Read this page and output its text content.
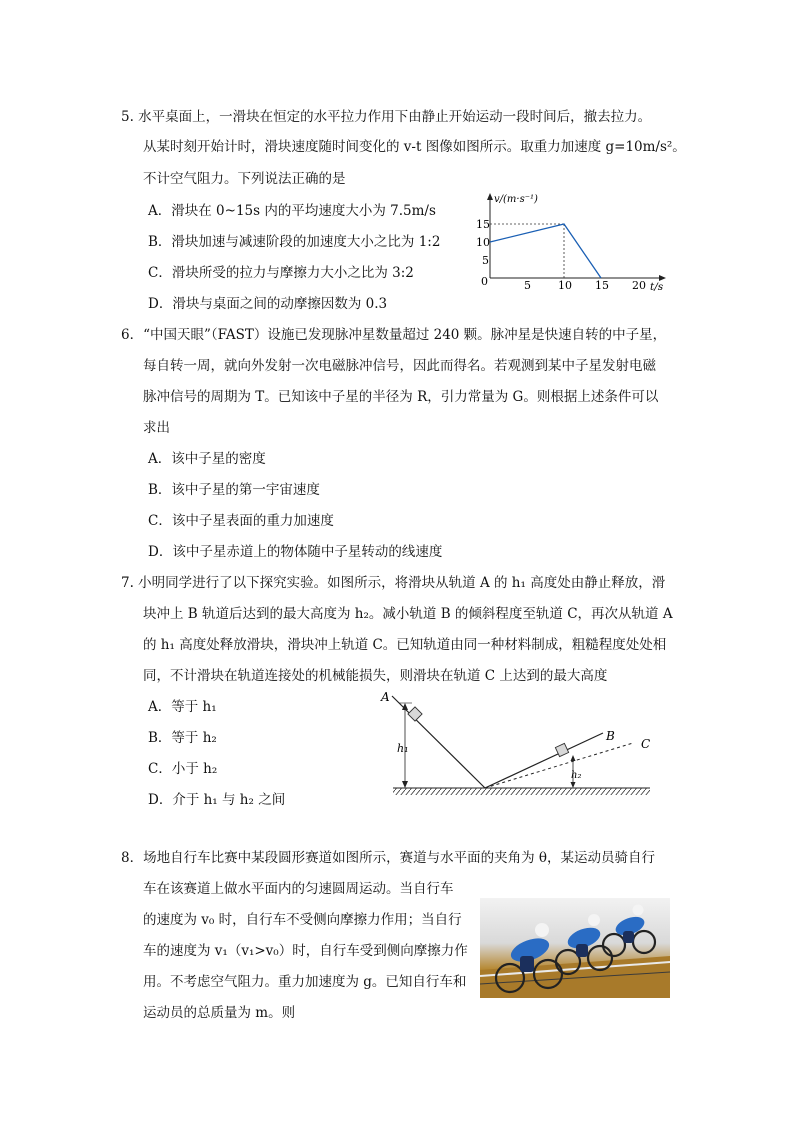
5. 水平桌面上，一滑块在恒定的水平拉力作用下由静止开始运动一段时间后，撤去拉力。
从某时刻开始计时，滑块速度随时间变化的 v-t 图像如图所示。取重力加速度 g=10m/s²。
不计空气阻力。下列说法正确的是
A．滑块在 0~15s 内的平均速度大小为 7.5m/s
B．滑块加速与减速阶段的加速度大小之比为 1:2
C．滑块所受的拉力与摩擦力大小之比为 3:2
D．滑块与桌面之间的动摩擦因数为 0.3
v/(m·s⁻¹)
t/s
0	5 10 15 20
15
10
5
6．“中国天眼”（FAST）设施已发现脉冲星数量超过 240 颗。脉冲星是快速自转的中子星，
每自转一周，就向外发射一次电磁脉冲信号，因此而得名。若观测到某中子星发射电磁
脉冲信号的周期为 T。已知该中子星的半径为 R，引力常量为 G。则根据上述条件可以
求出
A．该中子星的密度
B．该中子星的第一宇宙速度
C．该中子星表面的重力加速度
D．该中子星赤道上的物体随中子星转动的线速度
7. 小明同学进行了以下探究实验。如图所示，将滑块从轨道 A 的 h₁ 高度处由静止释放，滑
块冲上 B 轨道后达到的最大高度为 h₂。减小轨道 B 的倾斜程度至轨道 C，再次从轨道 A
的 h₁ 高度处释放滑块，滑块冲上轨道 C。已知轨道由同一种材料制成，粗糙程度处处相
同，不计滑块在轨道连接处的机械能损失，则滑块在轨道 C 上达到的最大高度
A．等于 h₁
B．等于 h₂
C．小于 h₂
D．介于 h₁ 与 h₂ 之间
A
B
C
h₁
h₂
8．场地自行车比赛中某段圆形赛道如图所示，赛道与水平面的夹角为 θ，某运动员骑自行
车在该赛道上做水平面内的匀速圆周运动。当自行车
的速度为 v₀ 时，自行车不受侧向摩擦力作用；当自行
车的速度为 v₁（v₁>v₀）时，自行车受到侧向摩擦力作
用。不考虑空气阻力。重力加速度为 g。已知自行车和
运动员的总质量为 m。则
